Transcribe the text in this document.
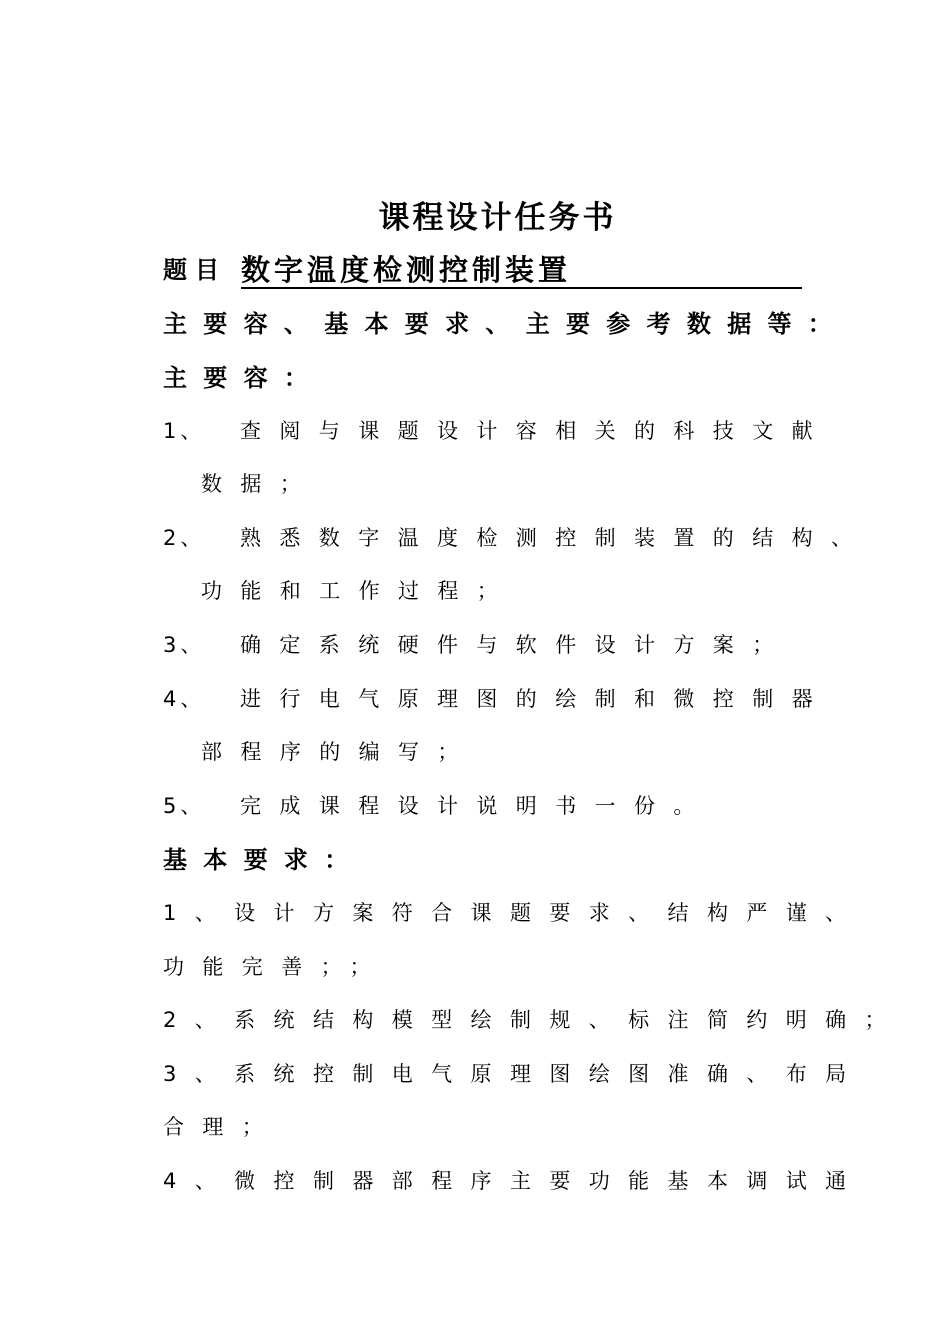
课程设计任务书
题目 数字温度检测控制装置
主要容、基本要求、主要参考数据等：
主要容：
1、 查阅与课题设计容相关的科技文献
数据；
2、 熟悉数字温度检测控制装置的结构、
功能和工作过程；
3、 确定系统硬件与软件设计方案；
4、 进行电气原理图的绘制和微控制器
部程序的编写；
5、 完成课程设计说明书一份。
基本要求：
1、设计方案符合课题要求、结构严谨、
功能完善；；
2、系统结构模型绘制规、标注简约明确；
3、系统控制电气原理图绘图准确、布局
合理；
4、微控制器部程序主要功能基本调试通
